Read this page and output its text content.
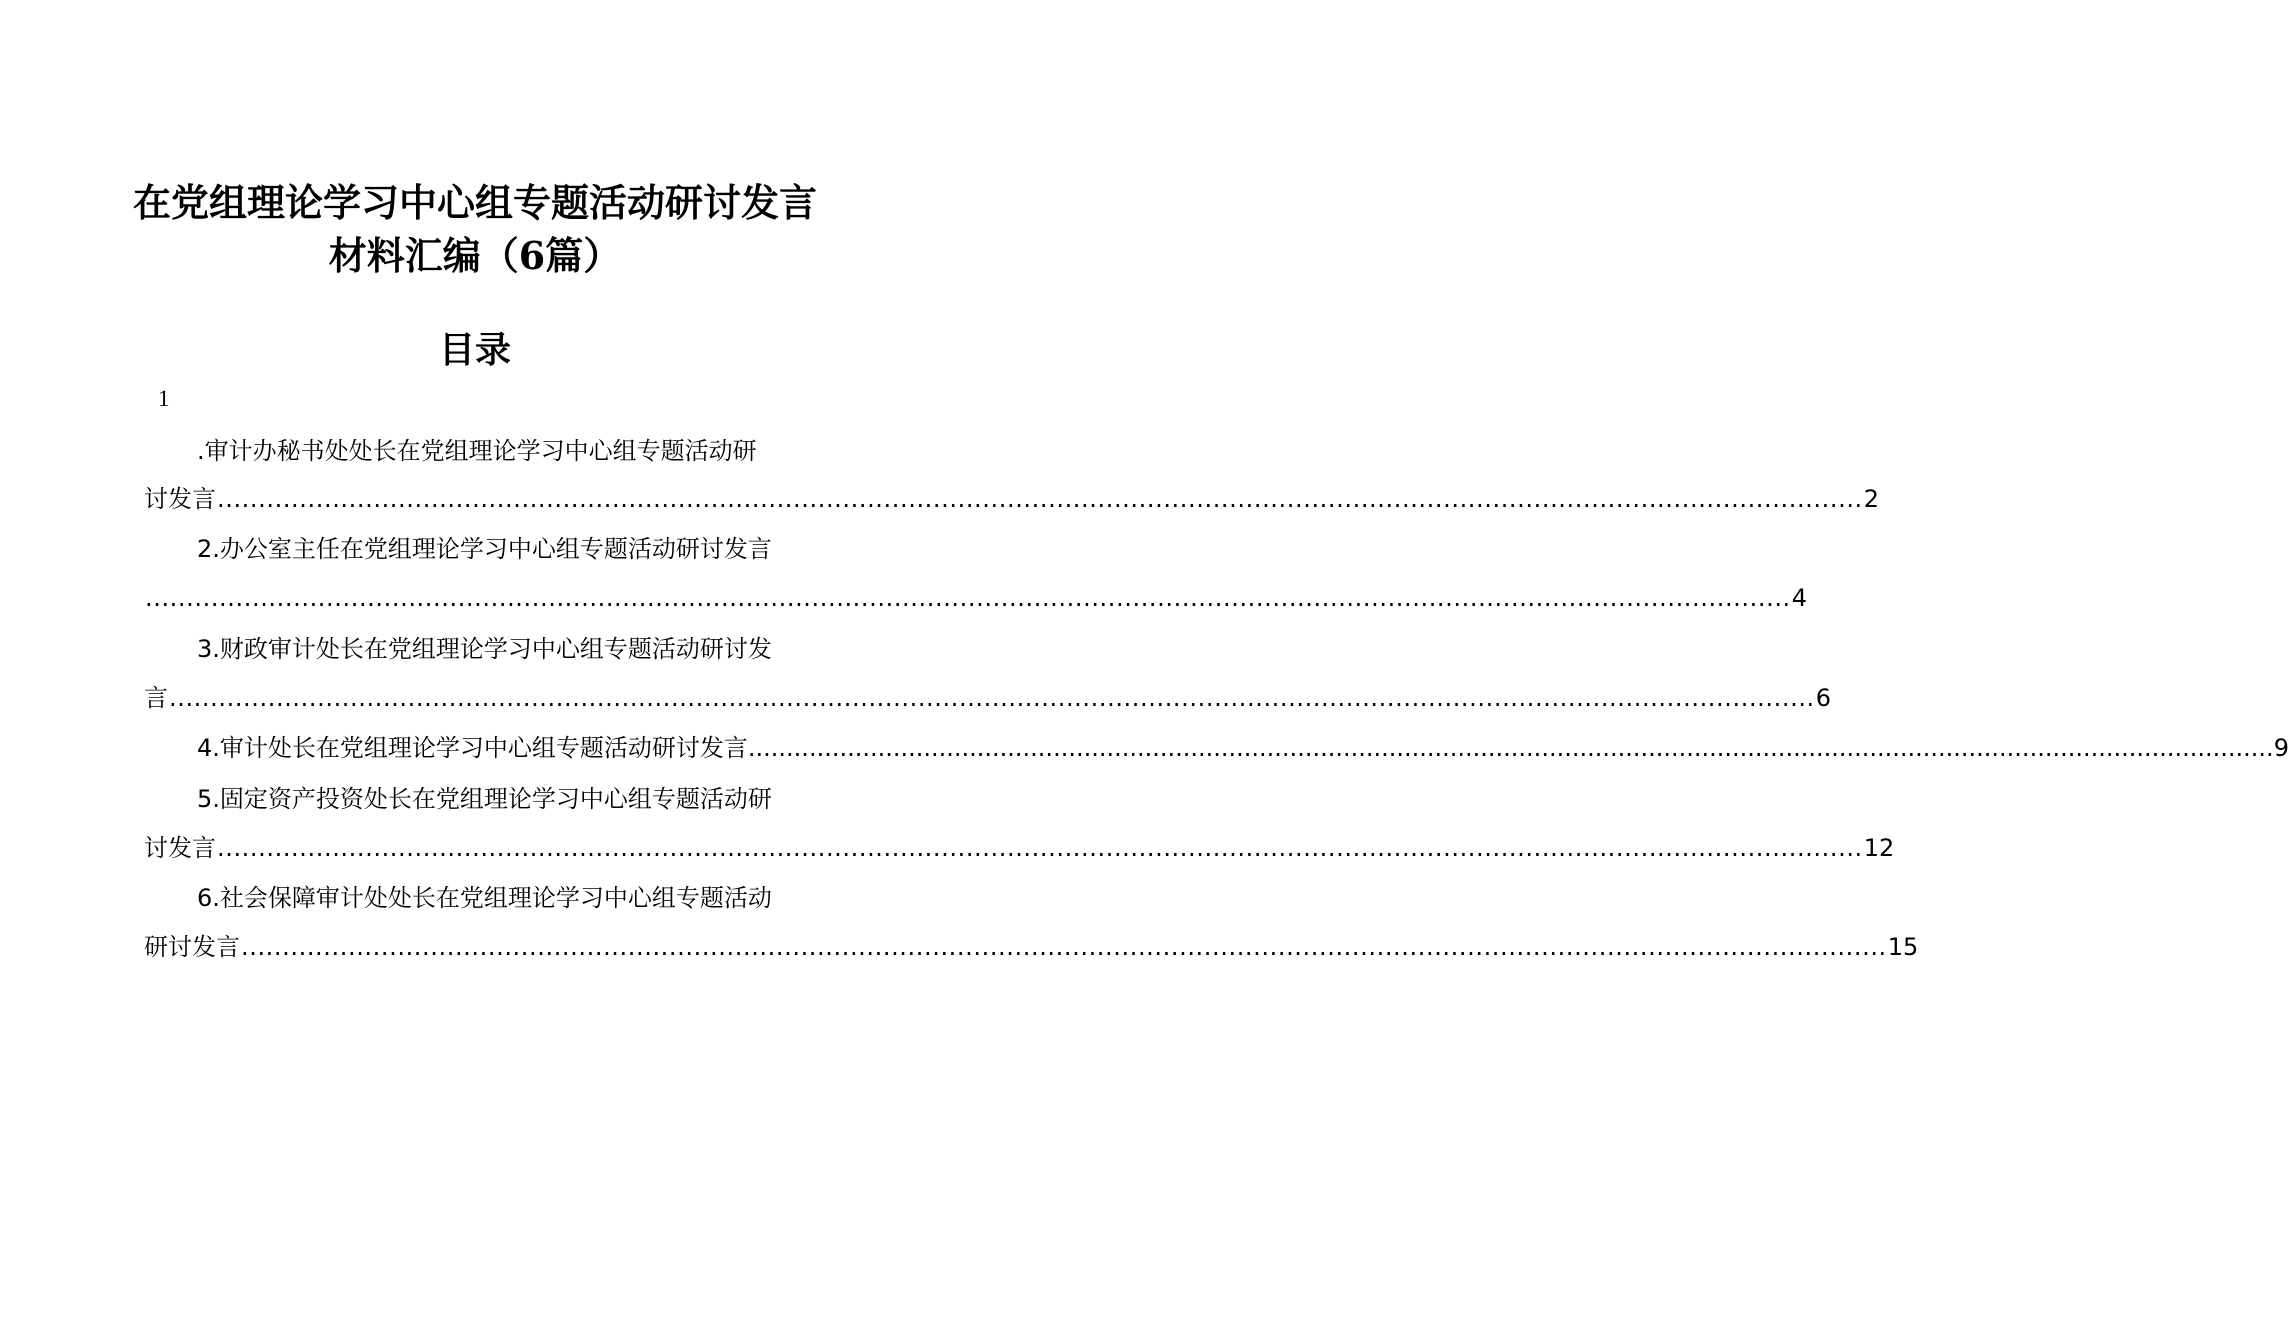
在党组理论学习中心组专题活动研讨发言
材料汇编（6篇）
目录
1
.审计办秘书处处长在党组理论学习中心组专题活动研
讨发言 ........................................................................................................................................................................................................ 2
2.办公室主任在党组理论学习中心组专题活动研讨发言
........................................................................................................................................................................................................ 4
3.财政审计处长在党组理论学习中心组专题活动研讨发
言 ........................................................................................................................................................................................................ 6
4.审计处长在党组理论学习中心组专题活动研讨发言 ........................................................................................................................................................................................................ 9
5.固定资产投资处长在党组理论学习中心组专题活动研
讨发言 ........................................................................................................................................................................................................ 12
6.社会保障审计处处长在党组理论学习中心组专题活动
研讨发言 ........................................................................................................................................................................................................ 15
